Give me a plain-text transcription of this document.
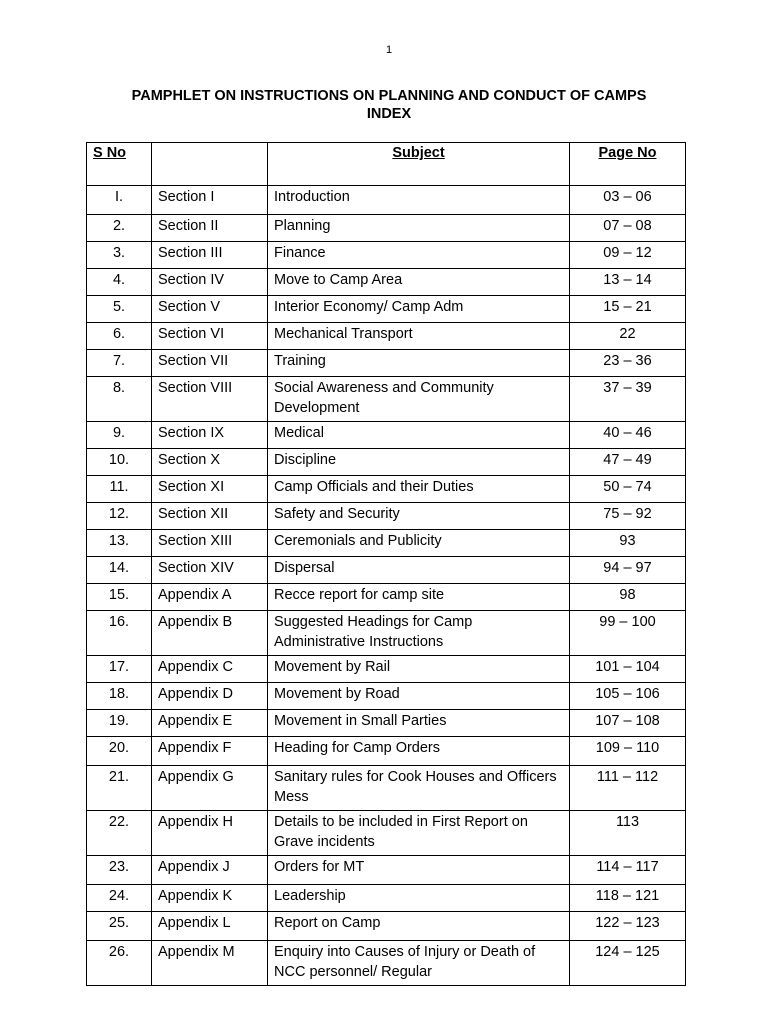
1
PAMPHLET ON INSTRUCTIONS ON PLANNING AND CONDUCT OF CAMPS
INDEX
S No		Subject	Page No
I.	Section I	Introduction	03 – 06
2.	Section II	Planning	07 – 08
3.	Section III	Finance	09 – 12
4.	Section IV	Move to Camp Area	13 – 14
5.	Section V	Interior Economy/ Camp Adm	15 – 21
6.	Section VI	Mechanical Transport	22
7.	Section VII	Training	23 – 36
8.	Section VIII	Social Awareness and Community Development	37 – 39
9.	Section IX	Medical	40 – 46
10.	Section X	Discipline	47 – 49
11.	Section XI	Camp Officials and their Duties	50 – 74
12.	Section XII	Safety and Security	75 – 92
13.	Section XIII	Ceremonials and Publicity	93
14.	Section XIV	Dispersal	94 – 97
15.	Appendix A	Recce report for camp site	98
16.	Appendix B	Suggested Headings for Camp Administrative Instructions	99 – 100
17.	Appendix C	Movement by Rail	101 – 104
18.	Appendix D	Movement by Road	105 – 106
19.	Appendix E	Movement in Small Parties	107 – 108
20.	Appendix F	Heading for Camp Orders	109 – 110
21.	Appendix G	Sanitary rules for Cook Houses and Officers Mess	111 – 112
22.	Appendix H	Details to be included in First Report on Grave incidents	113
23.	Appendix J	Orders for MT	114 – 117
24.	Appendix K	Leadership	118 – 121
25.	Appendix L	Report on Camp	122 – 123
26.	Appendix M	Enquiry into Causes of Injury or Death of NCC personnel/ Regular	124 – 125
